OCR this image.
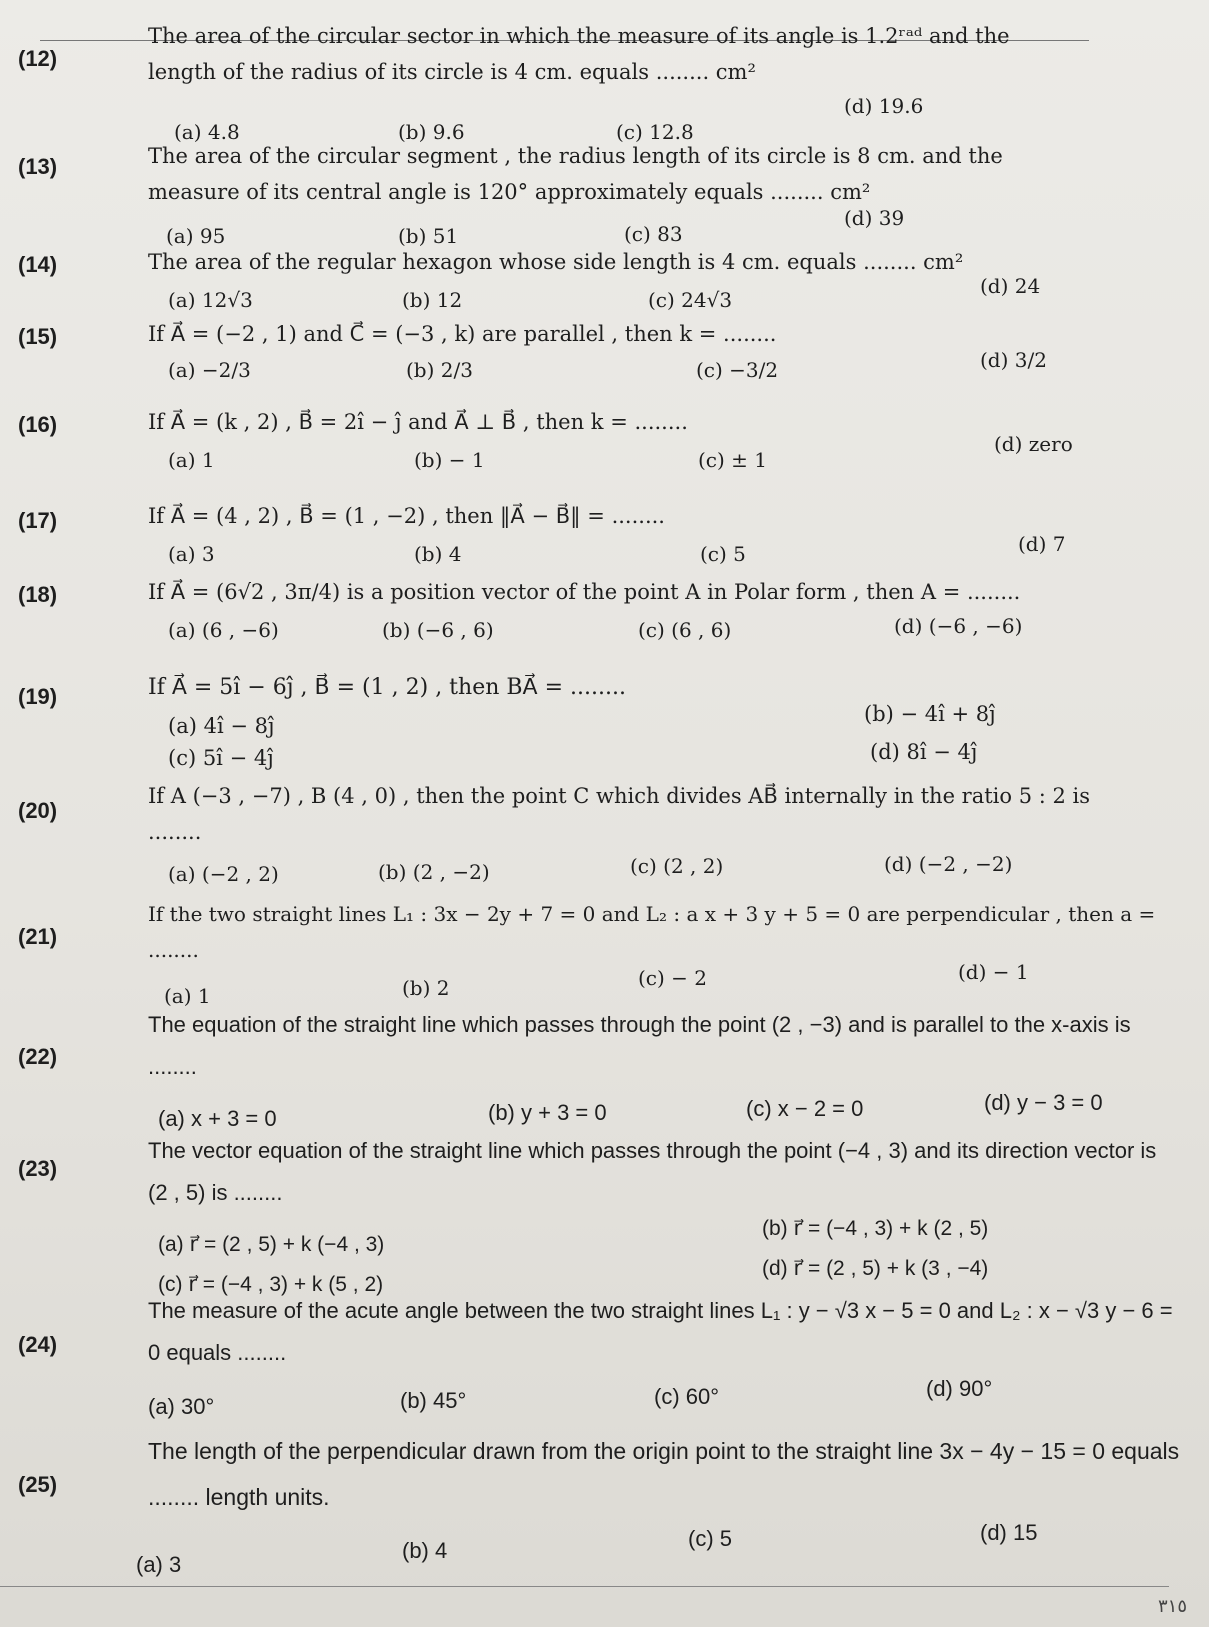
(12)

The area of the circular sector in which the measure of its angle is 1.2ʳᵃᵈ and the length of the radius of its circle is 4 cm. equals ........ cm²

(a) 4.8	(b) 9.6	(c) 12.8
(d) 19.6
(13)	The area of the circular segment , the radius length of its circle is 8 cm. and the measure of its central angle is 120° approximately equals ........ cm²

(a) 95	(b) 51	(c) 83
(d) 39
(14)	The area of the regular hexagon whose side length is 4 cm. equals ........ cm²

(a) 12√3	(b) 12	(c) 24√3
(d) 24
(15)	If A⃗ = (−2 , 1) and C⃗ = (−3 , k) are parallel , then k = ........

(a) −2/3	(b) 2/3	(c) −3/2	(d) 3/2
(16)	If A⃗ = (k , 2) , B⃗ = 2î − ĵ and A⃗ ⊥ B⃗ , then k = ........

(a) 1	(b) − 1	(c) ± 1
(d) zero
(17)	If A⃗ = (4 , 2) , B⃗ = (1 , −2) , then ‖A⃗ − B⃗‖ = ........

(a) 3	(b) 4	(c) 5	(d) 7
(18)	If A⃗ = (6√2 , 3π/4) is a position vector of the point A in Polar form , then A = ........

(a) (6 , −6)	(b) (−6 , 6)	(c) (6 , 6)	(d) (−6 , −6)
(19)	If A⃗ = 5î − 6ĵ , B⃗ = (1 , 2) , then BA⃗ = ........

(a) 4î − 8ĵ	(b) − 4î + 8ĵ
(c) 5î − 4ĵ	(d) 8î − 4ĵ
(20)

If A (−3 , −7) , B (4 , 0) , then the point C which divides AB⃗ internally in the ratio 5 : 2 is ........

(a) (−2 , 2)	(b) (2 , −2)	(c) (2 , 2)	(d) (−2 , −2)
(21)

If the two straight lines L₁ : 3x − 2y + 7 = 0 and L₂ : a x + 3 y + 5 = 0 are perpendicular , then a = ........

(a) 1	(b) 2	(c) − 2	(d) − 1
(22)

The equation of the straight line which passes through the point (2 , −3) and is parallel to the x-axis is ........

(a) x + 3 = 0	(b) y + 3 = 0	(c) x − 2 = 0	(d) y − 3 = 0
(23)

The vector equation of the straight line which passes through the point (−4 , 3) and its direction vector is (2 , 5) is ........

(a) r⃗ = (2 , 5) + k (−4 , 3)
(b) r⃗ = (−4 , 3) + k (2 , 5)
(c) r⃗ = (−4 , 3) + k (5 , 2)
(d) r⃗ = (2 , 5) + k (3 , −4)
(24)

The measure of the acute angle between the two straight lines L₁ : y − √3 x − 5 = 0 and L₂ : x − √3 y − 6 = 0 equals ........

(a) 30°	(b) 45°	(c) 60°	(d) 90°
(25)

The length of the perpendicular drawn from the origin point to the straight line 3x − 4y − 15 = 0 equals ........ length units.

(a) 3
(b) 4	(c) 5	(d) 15
٣١٥
